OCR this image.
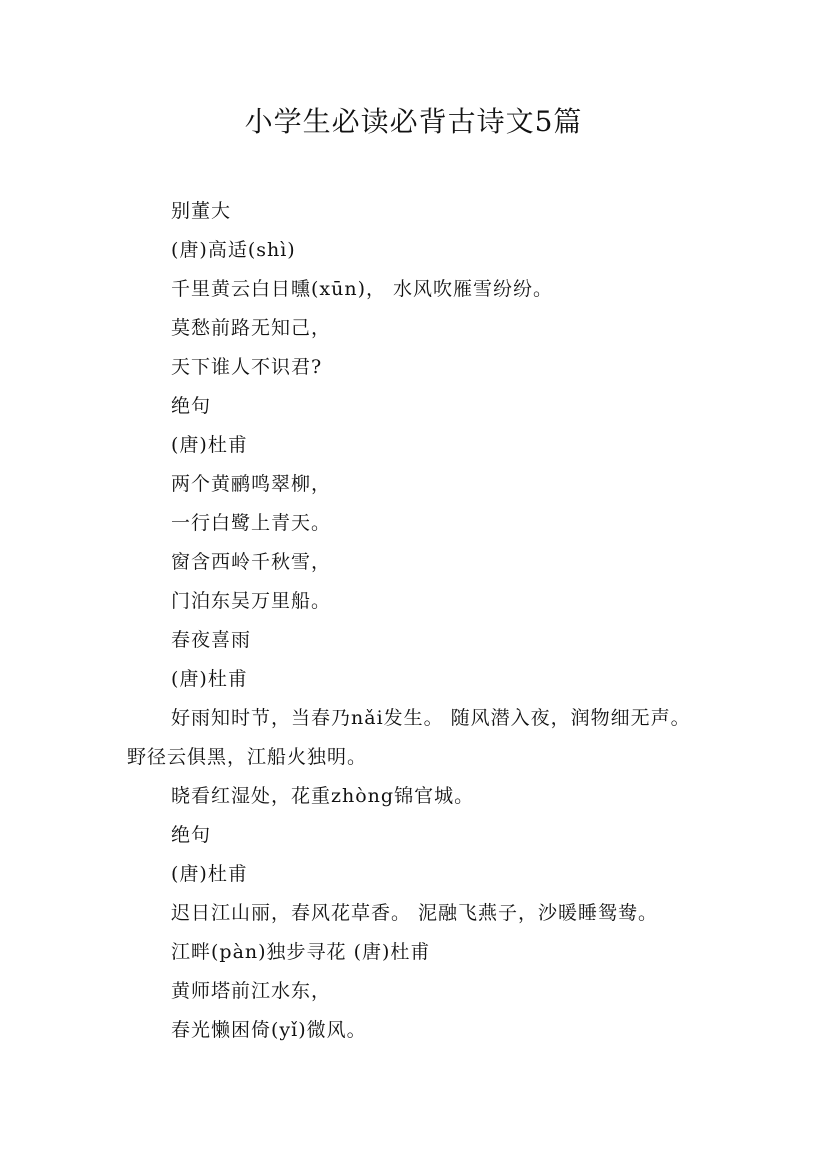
小学生必读必背古诗文5篇

别董大

(唐)高适(shì)

千里黄云白日曛(xūn)， 水风吹雁雪纷纷。

莫愁前路无知己，

天下谁人不识君?

绝句

(唐)杜甫

两个黄鹂鸣翠柳，

一行白鹭上青天。

窗含西岭千秋雪，

门泊东吴万里船。

春夜喜雨

(唐)杜甫

好雨知时节，当春乃nǎi发生。 随风潜入夜，润物细无声。 野径云俱黑，江船火独明。

晓看红湿处，花重zhòng锦官城。

绝句

(唐)杜甫

迟日江山丽，春风花草香。 泥融飞燕子，沙暖睡鸳鸯。

江畔(pàn)独步寻花 (唐)杜甫

黄师塔前江水东，

春光懒困倚(yǐ)微风。
